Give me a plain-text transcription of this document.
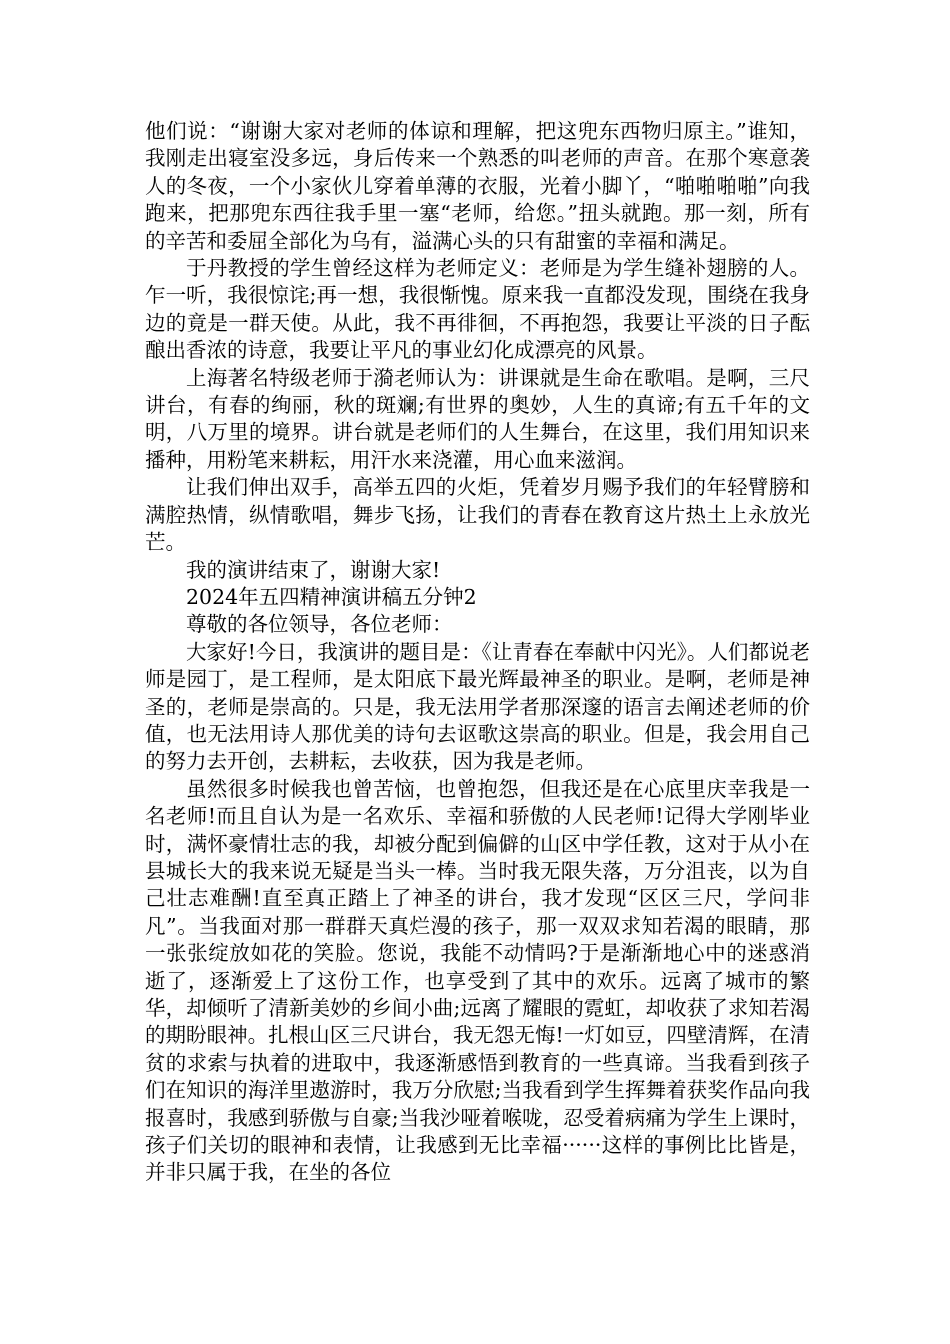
他们说：“谢谢大家对老师的体谅和理解，把这兜东西物归原主。”谁知，我刚走出寝室没多远，身后传来一个熟悉的叫老师的声音。在那个寒意袭人的冬夜，一个小家伙儿穿着单薄的衣服，光着小脚丫，“啪啪啪啪”向我跑来，把那兜东西往我手里一塞“老师，给您。”扭头就跑。那一刻，所有的辛苦和委屈全部化为乌有，溢满心头的只有甜蜜的幸福和满足。

于丹教授的学生曾经这样为老师定义：老师是为学生缝补翅膀的人。乍一听，我很惊诧;再一想，我很惭愧。原来我一直都没发现，围绕在我身边的竟是一群天使。从此，我不再徘徊，不再抱怨，我要让平淡的日子酝酿出香浓的诗意，我要让平凡的事业幻化成漂亮的风景。

上海著名特级老师于漪老师认为：讲课就是生命在歌唱。是啊，三尺讲台，有春的绚丽，秋的斑斓;有世界的奥妙，人生的真谛;有五千年的文明，八万里的境界。讲台就是老师们的人生舞台，在这里，我们用知识来播种，用粉笔来耕耘，用汗水来浇灌，用心血来滋润。

让我们伸出双手，高举五四的火炬，凭着岁月赐予我们的年轻臂膀和满腔热情，纵情歌唱，舞步飞扬，让我们的青春在教育这片热土上永放光芒。

我的演讲结束了，谢谢大家!

2024年五四精神演讲稿五分钟2

尊敬的各位领导，各位老师：

大家好!今日，我演讲的题目是：《让青春在奉献中闪光》。人们都说老师是园丁，是工程师，是太阳底下最光辉最神圣的职业。是啊，老师是神圣的，老师是崇高的。只是，我无法用学者那深邃的语言去阐述老师的价值，也无法用诗人那优美的诗句去讴歌这崇高的职业。但是，我会用自己的努力去开创，去耕耘，去收获，因为我是老师。

虽然很多时候我也曾苦恼，也曾抱怨，但我还是在心底里庆幸我是一名老师!而且自认为是一名欢乐、幸福和骄傲的人民老师!记得大学刚毕业时，满怀豪情壮志的我，却被分配到偏僻的山区中学任教，这对于从小在县城长大的我来说无疑是当头一棒。当时我无限失落，万分沮丧，以为自己壮志难酬!直至真正踏上了神圣的讲台，我才发现“区区三尺，学问非凡”。当我面对那一群群天真烂漫的孩子，那一双双求知若渴的眼睛，那一张张绽放如花的笑脸。您说，我能不动情吗?于是渐渐地心中的迷惑消逝了，逐渐爱上了这份工作，也享受到了其中的欢乐。远离了城市的繁华，却倾听了清新美妙的乡间小曲;远离了耀眼的霓虹，却收获了求知若渴的期盼眼神。扎根山区三尺讲台，我无怨无悔!一灯如豆，四壁清辉，在清贫的求索与执着的进取中，我逐渐感悟到教育的一些真谛。当我看到孩子们在知识的海洋里遨游时，我万分欣慰;当我看到学生挥舞着获奖作品向我报喜时，我感到骄傲与自豪;当我沙哑着喉咙，忍受着病痛为学生上课时，孩子们关切的眼神和表情，让我感到无比幸福······这样的事例比比皆是，并非只属于我，在坐的各位
